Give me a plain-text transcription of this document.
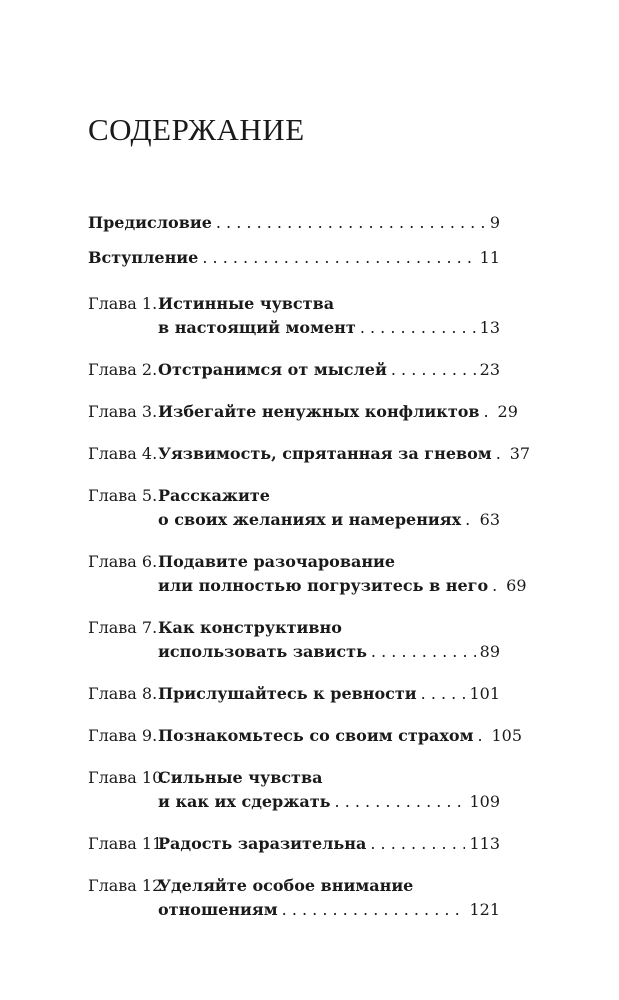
СОДЕРЖАНИЕ
Предисловие . . .	9
Вступление . . .	11
Глава 1. Истинные чувства
в настоящий момент . . .	13
Глава 2. Отстранимся от мыслей . . .	23
Глава 3. Избегайте ненужных конфликтов . . . 29
Глава 4. Уязвимость, спрятанная за гневом . . . 37
Глава 5. Расскажите
о своих желаниях и намерениях . . . 63
Глава 6. Подавите разочарование
или полностью погрузитесь в него . . . 69
Глава 7. Как конструктивно
использовать зависть . . .	89
Глава 8. Прислушайтесь к ревности . . .	101
Глава 9. Познакомьтесь со своим страхом . . . 105
Глава 10.
Сильные чувства
и как их сдержать . . .	109
Глава 11.
Радость заразительна . . .	113
Глава 12.
Уделяйте особое внимание
отношениям . . .	121
